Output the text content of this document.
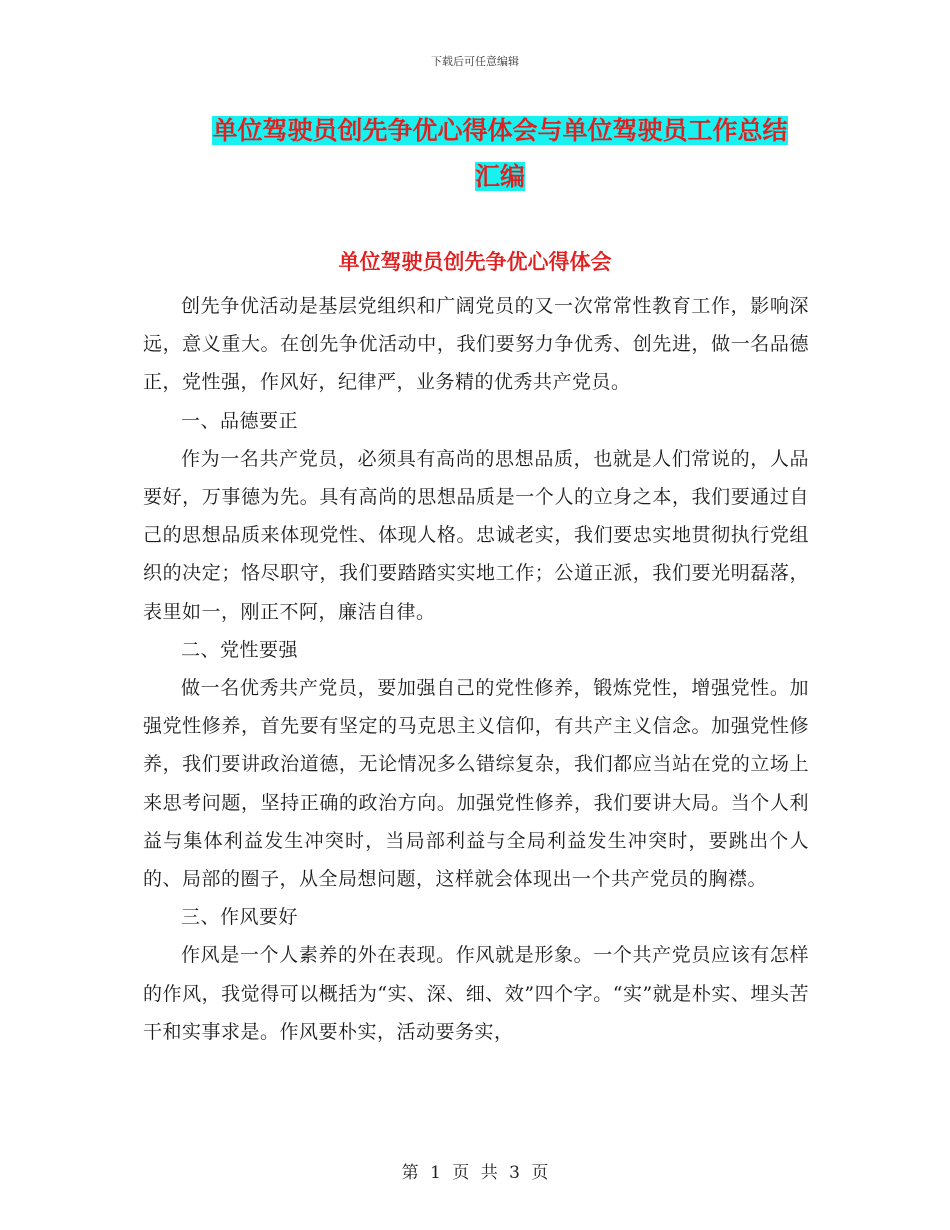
下载后可任意编辑
单位驾驶员创先争优心得体会与单位驾驶员工作总结
汇编
单位驾驶员创先争优心得体会

创先争优活动是基层党组织和广阔党员的又一次常常性教育工作，影响深远，意义重大。在创先争优活动中，我们要努力争优秀、创先进，做一名品德正，党性强，作风好，纪律严，业务精的优秀共产党员。

一、品德要正

作为一名共产党员，必须具有高尚的思想品质，也就是人们常说的，人品要好，万事德为先。具有高尚的思想品质是一个人的立身之本，我们要通过自己的思想品质来体现党性、体现人格。忠诚老实，我们要忠实地贯彻执行党组织的决定；恪尽职守，我们要踏踏实实地工作；公道正派，我们要光明磊落，表里如一，刚正不阿，廉洁自律。

二、党性要强

做一名优秀共产党员，要加强自己的党性修养，锻炼党性，增强党性。加强党性修养，首先要有坚定的马克思主义信仰，有共产主义信念。加强党性修养，我们要讲政治道德，无论情况多么错综复杂，我们都应当站在党的立场上来思考问题，坚持正确的政治方向。加强党性修养，我们要讲大局。当个人利益与集体利益发生冲突时，当局部利益与全局利益发生冲突时，要跳出个人的、局部的圈子，从全局想问题，这样就会体现出一个共产党员的胸襟。

三、作风要好

作风是一个人素养的外在表现。作风就是形象。一个共产党员应该有怎样的作风，我觉得可以概括为“实、深、细、效”四个字。“实”就是朴实、埋头苦干和实事求是。作风要朴实，活动要务实，

第 1 页 共 3 页
